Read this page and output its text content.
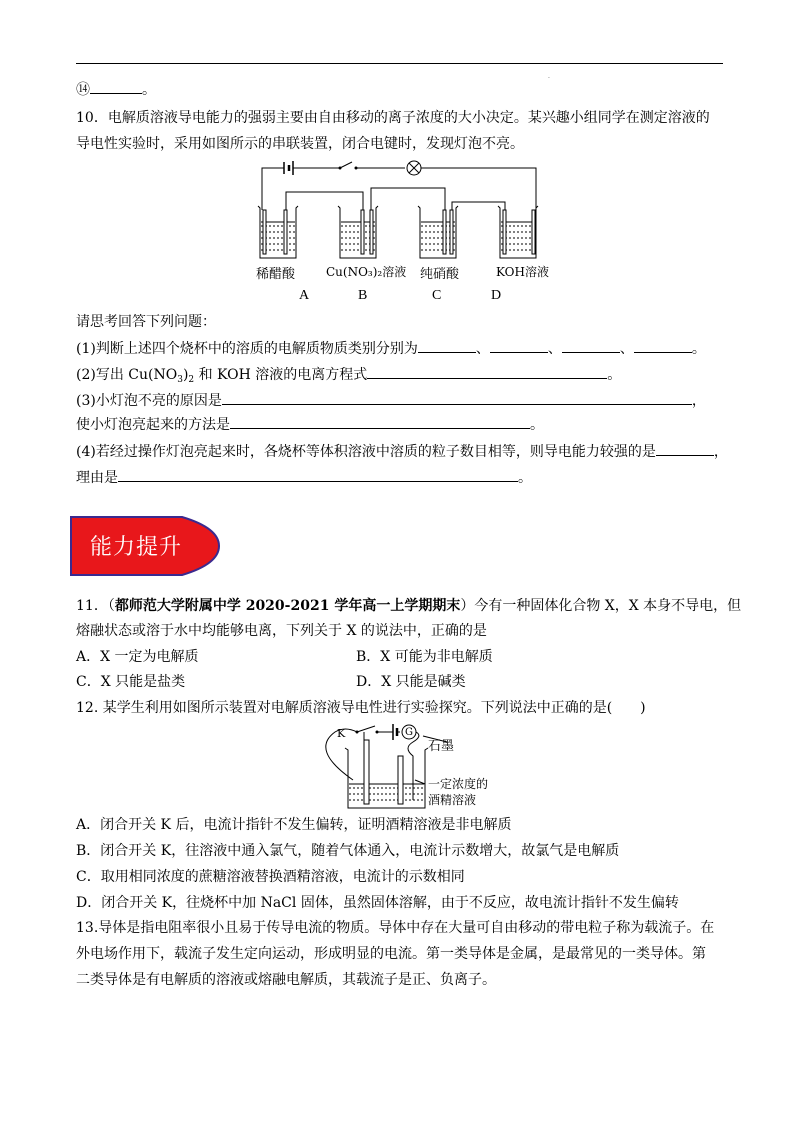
.
⑭	。
10．电解质溶液导电能力的强弱主要由自由移动的离子浓度的大小决定。某兴趣小组同学在测定溶液的
导电性实验时，采用如图所示的串联装置，闭合电键时，发现灯泡不亮。
稀醋酸	Cu(NO₃)₂溶液 纯硝酸	KOH溶液
A	B	C	D
请思考回答下列问题：
(1)判断上述四个烧杯中的溶质的电解质物质类别分别为	、	、	、	。
(2)写出 $Cu(NO_3)_2$ 和 KOH 溶液的电离方程式	。
(3)小灯泡不亮的原因是	，
使小灯泡亮起来的方法是	。
(4)若经过操作灯泡亮起来时，各烧杯等体积溶液中溶质的粒子数目相等，则导电能力较强的是	，
理由是	。
能力提升
11．（都师范大学附属中学 2020-2021 学年高一上学期期末）今有一种固体化合物 X，X 本身不导电，但
熔融状态或溶于水中均能够电离，下列关于 X 的说法中，正确的是
A．X 一定为电解质	B．X 可能为非电解质
C．X 只能是盐类	D．X 只能是碱类
12. 某学生利用如图所示装置对电解质溶液导电性进行实验探究。下列说法中正确的是(　　)
K	G
石墨
一定浓度的
酒精溶液
A．闭合开关 K 后，电流计指针不发生偏转，证明酒精溶液是非电解质
B．闭合开关 K，往溶液中通入氯气，随着气体通入，电流计示数增大，故氯气是电解质
C．取用相同浓度的蔗糖溶液替换酒精溶液，电流计的示数相同
D．闭合开关 K，往烧杯中加 NaCl 固体，虽然固体溶解，由于不反应，故电流计指针不发生偏转
13.导体是指电阻率很小且易于传导电流的物质。导体中存在大量可自由移动的带电粒子称为载流子。在
外电场作用下，载流子发生定向运动，形成明显的电流。第一类导体是金属，是最常见的一类导体。第
二类导体是有电解质的溶液或熔融电解质，其载流子是正、负离子。
